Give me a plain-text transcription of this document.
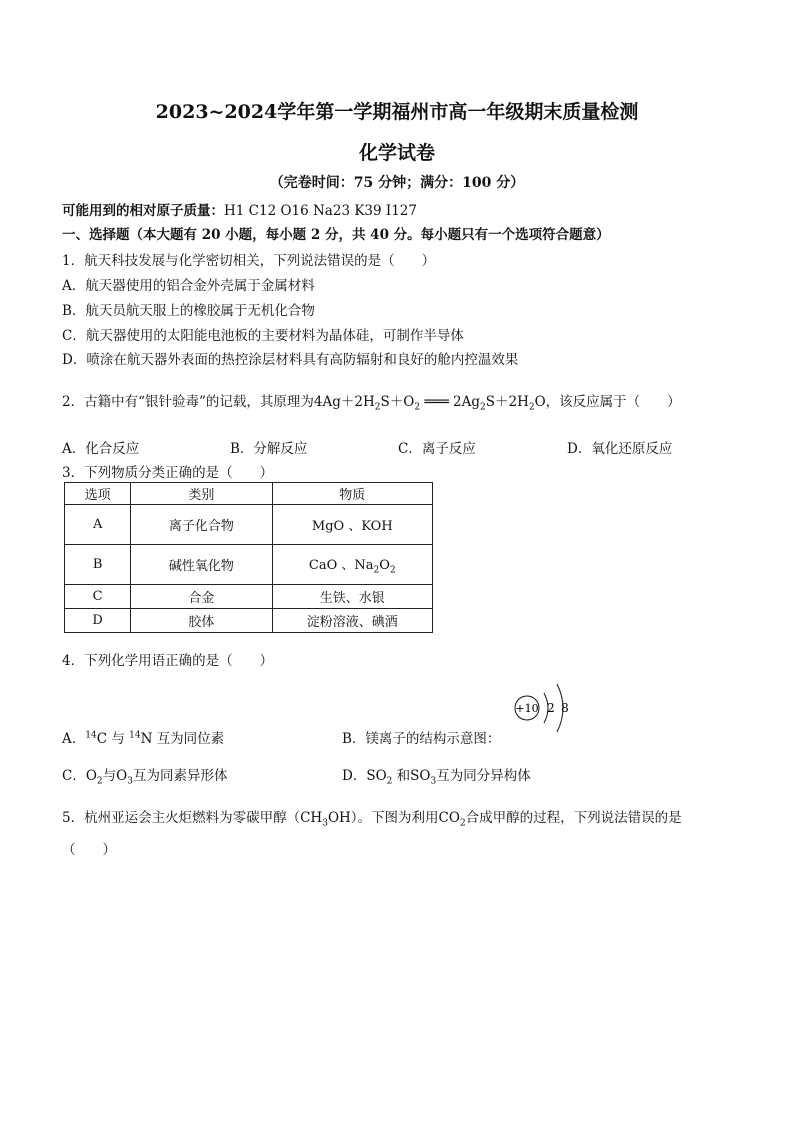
2023~2024学年第一学期福州市高一年级期末质量检测
化学试卷
（完卷时间：75 分钟；满分：100 分）
可能用到的相对原子质量：H1 C12 O16 Na23 K39 I127
一、选择题（本大题有 20 小题，每小题 2 分，共 40 分。每小题只有一个选项符合题意）
1．航天科技发展与化学密切相关，下列说法错误的是（　　）
A．航天器使用的铝合金外壳属于金属材料
B．航天员航天服上的橡胶属于无机化合物
C．航天器使用的太阳能电池板的主要材料为晶体硅，可制作半导体
D．喷涂在航天器外表面的热控涂层材料具有高防辐射和良好的舱内控温效果
2．古籍中有“银针验毒”的记载，其原理为$4Ag+2H_2S+O_2$ ═══ $2Ag_2S+2H_2O$，该反应属于（　　）
A．化合反应	B．分解反应	C．离子反应	D．氧化还原反应
3．下列物质分类正确的是（　　）
选项	类别	物质
A	离子化合物	MgO 、KOH
B	碱性氧化物	CaO 、$Na_2O_2$
C	合金	生铁、水银
D	胶体	淀粉溶液、碘酒
4．下列化学用语正确的是（　　）
+10 2 8
A．$^{14}$C 与 $^{14}$N 互为同位素	B．镁离子的结构示意图：
C．$O_2$与$O_3$互为同素异形体	D．$SO_2$ 和$SO_3$互为同分异构体
5．杭州亚运会主火炬燃料为零碳甲醇$(CH_3OH)$。下图为利用$CO_2$合成甲醇的过程，下列说法错误的是
（　　）
